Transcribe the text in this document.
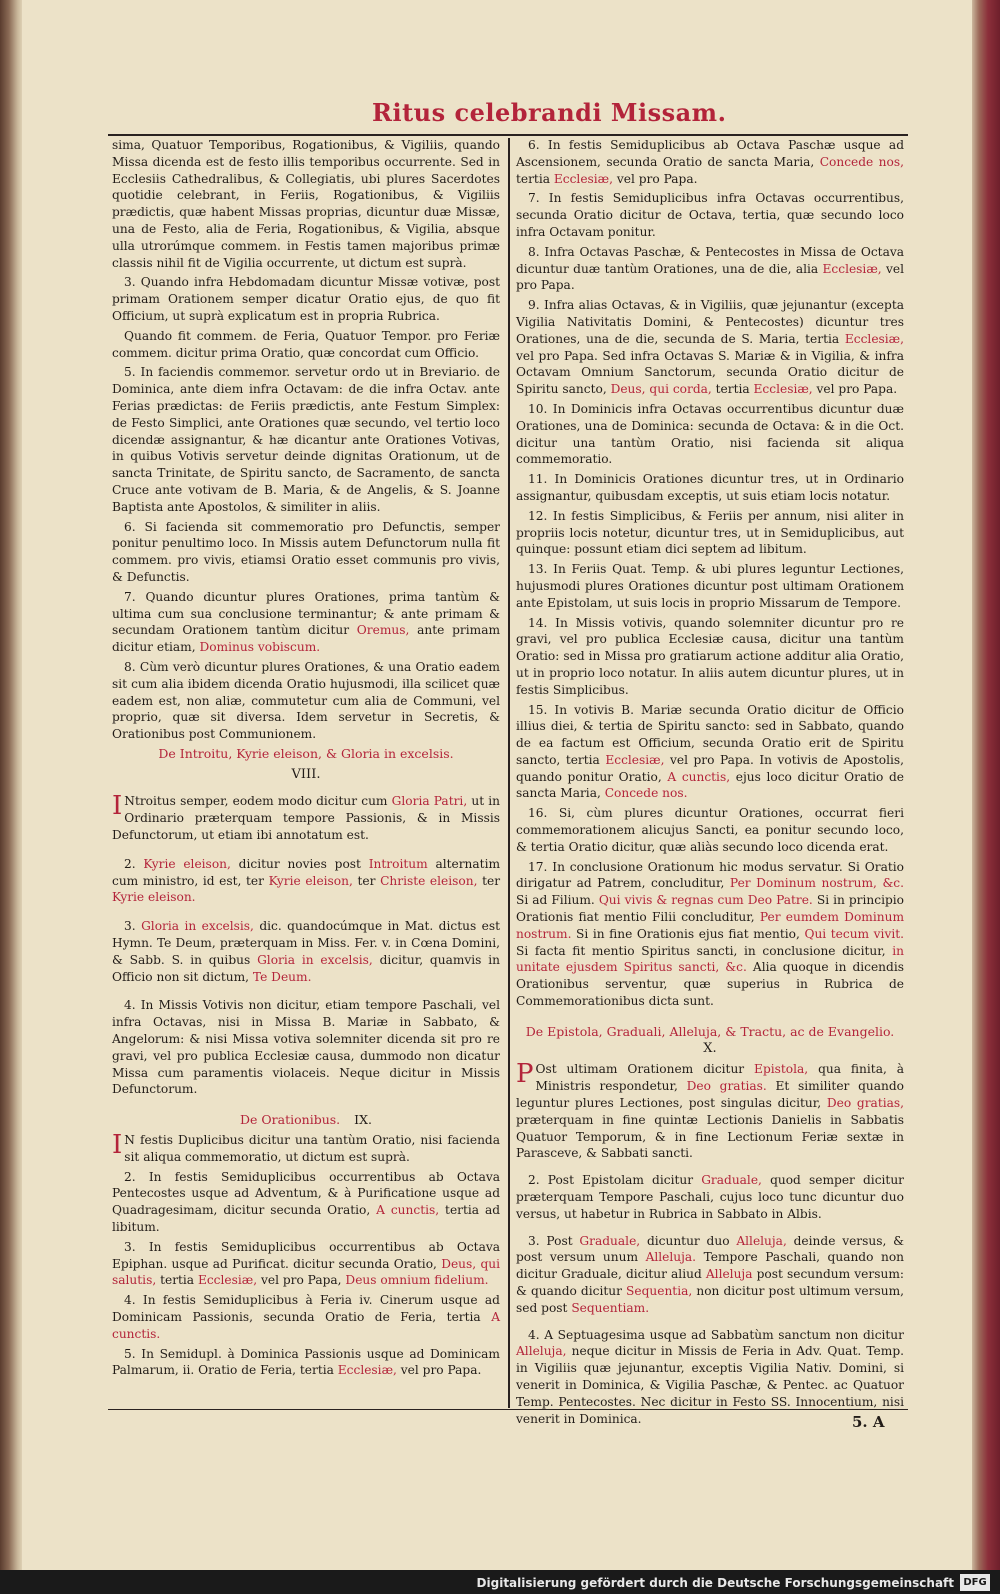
Ritus celebrandi Missam.

sima, Quatuor Temporibus, Rogationibus, & Vigiliis, quando Missa dicenda est de festo illis temporibus occurrente. Sed in Ecclesiis Cathedralibus, & Collegiatis, ubi plures Sacerdotes quotidie celebrant, in Feriis, Rogationibus, & Vigiliis prædictis, quæ habent Missas proprias, dicuntur duæ Missæ, una de Festo, alia de Feria, Rogationibus, & Vigilia, absque ulla utrorúmque commem. in Festis tamen majoribus primæ classis nihil fit de Vigilia occurrente, ut dictum est suprà.

3. Quando infra Hebdomadam dicuntur Missæ votivæ, post primam Orationem semper dicatur Oratio ejus, de quo fit Officium, ut suprà explicatum est in propria Rubrica.

Quando fit commem. de Feria, Quatuor Tempor. pro Feriæ commem. dicitur prima Oratio, quæ concordat cum Officio.

5. In faciendis commemor. servetur ordo ut in Breviario. de Dominica, ante diem infra Octavam: de die infra Octav. ante Ferias prædictas: de Feriis prædictis, ante Festum Simplex: de Festo Simplici, ante Orationes quæ secundo, vel tertio loco dicendæ assignantur, & hæ dicantur ante Orationes Votivas, in quibus Votivis servetur deinde dignitas Orationum, ut de sancta Trinitate, de Spiritu sancto, de Sacramento, de sancta Cruce ante votivam de B. Maria, & de Angelis, & S. Joanne Baptista ante Apostolos, & similiter in aliis.

6. Si facienda sit commemoratio pro Defunctis, semper ponitur penultimo loco. In Missis autem Defunctorum nulla fit commem. pro vivis, etiamsi Oratio esset communis pro vivis, & Defunctis.

7. Quando dicuntur plures Orationes, prima tantùm & ultima cum sua conclusione terminantur; & ante primam & secundam Orationem tantùm dicitur Oremus, ante primam dicitur etiam, Dominus vobiscum.

8. Cùm verò dicuntur plures Orationes, & una Oratio eadem sit cum alia ibidem dicenda Oratio hujusmodi, illa scilicet quæ eadem est, non aliæ, commutetur cum alia de Communi, vel proprio, quæ sit diversa. Idem servetur in Secretis, & Orationibus post Communionem.

De Introitu, Kyrie eleison, & Gloria in excelsis.

VIII.

I Ntroitus semper, eodem modo dicitur cum Gloria Patri, ut in Ordinario præterquam tempore Passionis, & in Missis Defunctorum, ut etiam ibi annotatum est.

2. Kyrie eleison, dicitur novies post Introitum alternatim cum ministro, id est, ter Kyrie eleison, ter Christe eleison, ter Kyrie eleison.

3. Gloria in excelsis, dic. quandocúmque in Mat. dictus est Hymn. Te Deum, præterquam in Miss. Fer. v. in Cœna Domini, & Sabb. S. in quibus Gloria in excelsis, dicitur, quamvis in Officio non sit dictum, Te Deum.

4. In Missis Votivis non dicitur, etiam tempore Paschali, vel infra Octavas, nisi in Missa B. Mariæ in Sabbato, & Angelorum: & nisi Missa votiva solemniter dicenda sit pro re gravi, vel pro publica Ecclesiæ causa, dummodo non dicatur Missa cum paramentis violaceis. Neque dicitur in Missis Defunctorum.

De Orationibus. IX.

I N festis Duplicibus dicitur una tantùm Oratio, nisi facienda sit aliqua commemoratio, ut dictum est suprà.

2. In festis Semiduplicibus occurrentibus ab Octava Pentecostes usque ad Adventum, & à Purificatione usque ad Quadragesimam, dicitur secunda Oratio, A cunctis, tertia ad libitum.

3. In festis Semiduplicibus occurrentibus ab Octava Epiphan. usque ad Purificat. dicitur secunda Oratio, Deus, qui salutis, tertia Ecclesiæ, vel pro Papa, Deus omnium fidelium.

4. In festis Semiduplicibus à Feria iv. Cinerum usque ad Dominicam Passionis, secunda Oratio de Feria, tertia A cunctis.

5. In Semidupl. à Dominica Passionis usque ad Dominicam Palmarum, ii. Oratio de Feria, tertia Ecclesiæ, vel pro Papa.

6. In festis Semiduplicibus ab Octava Paschæ usque ad Ascensionem, secunda Oratio de sancta Maria, Concede nos, tertia Ecclesiæ, vel pro Papa.

7. In festis Semiduplicibus infra Octavas occurrentibus, secunda Oratio dicitur de Octava, tertia, quæ secundo loco infra Octavam ponitur.

8. Infra Octavas Paschæ, & Pentecostes in Missa de Octava dicuntur duæ tantùm Orationes, una de die, alia Ecclesiæ, vel pro Papa.

9. Infra alias Octavas, & in Vigiliis, quæ jejunantur (excepta Vigilia Nativitatis Domini, & Pentecostes) dicuntur tres Orationes, una de die, secunda de S. Maria, tertia Ecclesiæ, vel pro Papa. Sed infra Octavas S. Mariæ & in Vigilia, & infra Octavam Omnium Sanctorum, secunda Oratio dicitur de Spiritu sancto, Deus, qui corda, tertia Ecclesiæ, vel pro Papa.

10. In Dominicis infra Octavas occurrentibus dicuntur duæ Orationes, una de Dominica: secunda de Octava: & in die Oct. dicitur una tantùm Oratio, nisi facienda sit aliqua commemoratio.

11. In Dominicis Orationes dicuntur tres, ut in Ordinario assignantur, quibusdam exceptis, ut suis etiam locis notatur.

12. In festis Simplicibus, & Feriis per annum, nisi aliter in propriis locis notetur, dicuntur tres, ut in Semiduplicibus, aut quinque: possunt etiam dici septem ad libitum.

13. In Feriis Quat. Temp. & ubi plures leguntur Lectiones, hujusmodi plures Orationes dicuntur post ultimam Orationem ante Epistolam, ut suis locis in proprio Missarum de Tempore.

14. In Missis votivis, quando solemniter dicuntur pro re gravi, vel pro publica Ecclesiæ causa, dicitur una tantùm Oratio: sed in Missa pro gratiarum actione additur alia Oratio, ut in proprio loco notatur. In aliis autem dicuntur plures, ut in festis Simplicibus.

15. In votivis B. Mariæ secunda Oratio dicitur de Officio illius diei, & tertia de Spiritu sancto: sed in Sabbato, quando de ea factum est Officium, secunda Oratio erit de Spiritu sancto, tertia Ecclesiæ, vel pro Papa. In votivis de Apostolis, quando ponitur Oratio, A cunctis, ejus loco dicitur Oratio de sancta Maria, Concede nos.

16. Si, cùm plures dicuntur Orationes, occurrat fieri commemorationem alicujus Sancti, ea ponitur secundo loco, & tertia Oratio dicitur, quæ aliàs secundo loco dicenda erat.

17. In conclusione Orationum hic modus servatur. Si Oratio dirigatur ad Patrem, concluditur, Per Dominum nostrum, &c. Si ad Filium. Qui vivis & regnas cum Deo Patre. Si in principio Orationis fiat mentio Filii concluditur, Per eumdem Dominum nostrum. Si in fine Orationis ejus fiat mentio, Qui tecum vivit. Si facta fit mentio Spiritus sancti, in conclusione dicitur, in unitate ejusdem Spiritus sancti, &c. Alia quoque in dicendis Orationibus serventur, quæ superius in Rubrica de Commemorationibus dicta sunt.

De Epistola, Graduali, Alleluja, & Tractu, ac de Evangelio.

X.

P Ost ultimam Orationem dicitur Epistola, qua finita, à Ministris respondetur, Deo gratias. Et similiter quando leguntur plures Lectiones, post singulas dicitur, Deo gratias, præterquam in fine quintæ Lectionis Danielis in Sabbatis Quatuor Temporum, & in fine Lectionum Feriæ sextæ in Parasceve, & Sabbati sancti.

2. Post Epistolam dicitur Graduale, quod semper dicitur præterquam Tempore Paschali, cujus loco tunc dicuntur duo versus, ut habetur in Rubrica in Sabbato in Albis.

3. Post Graduale, dicuntur duo Alleluja, deinde versus, & post versum unum Alleluja. Tempore Paschali, quando non dicitur Graduale, dicitur aliud Alleluja post secundum versum: & quando dicitur Sequentia, non dicitur post ultimum versum, sed post Sequentiam.

4. A Septuagesima usque ad Sabbatùm sanctum non dicitur Alleluja, neque dicitur in Missis de Feria in Adv. Quat. Temp. in Vigiliis quæ jejunantur, exceptis Vigilia Nativ. Domini, si venerit in Dominica, & Vigilia Paschæ, & Pentec. ac Quatuor Temp. Pentecostes. Nec dicitur in Festo SS. Innocentium, nisi venerit in Dominica.	5. A
Digitalisierung gefördert durch die Deutsche Forschungsgemeinschaft DFG
